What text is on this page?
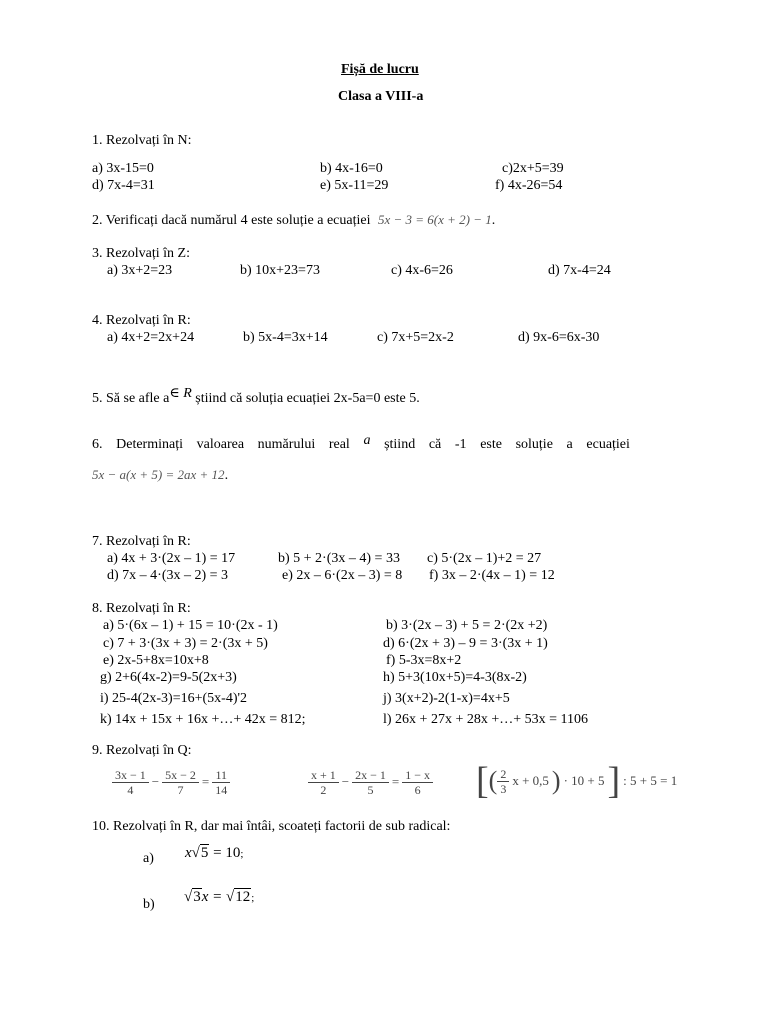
Fișă de lucru
Clasa a VIII-a
1. Rezolvați în N:
a) 3x-15=0	b) 4x-16=0	c)2x+5=39
d) 7x-4=31	e) 5x-11=29	f) 4x-26=54
2. Verificați dacă numărul 4 este soluție a ecuației 5x − 3 = 6(x + 2) − 1.
3. Rezolvați în Z:
a) 3x+2=23	b) 10x+23=73	c) 4x-6=26	d) 7x-4=24
4. Rezolvați în R:
a) 4x+2=2x+24	b) 5x-4=3x+14	c) 7x+5=2x-2	d) 9x-6=6x-30
5. Să se afle a∈ R știind că soluția ecuației 2x-5a=0 este 5.
6. Determinați valoarea numărului real a știind că -1 este soluție a ecuației
5x − a(x + 5) = 2ax + 12.
7. Rezolvați în R:
a) 4x + 3·(2x – 1) = 17	b) 5 + 2·(3x – 4) = 33 c) 5·(2x – 1)+2 = 27
d) 7x – 4·(3x – 2) = 3	e) 2x – 6·(2x – 3) = 8 f) 3x – 2·(4x – 1) = 12
8. Rezolvați în R:
a) 5·(6x – 1) + 15 = 10·(2x - 1)	b) 3·(2x – 3) + 5 = 2·(2x +2)
c) 7 + 3·(3x + 3) = 2·(3x + 5)	d) 6·(2x + 3) – 9 = 3·(3x + 1)
e) 2x-5+8x=10x+8	f) 5-3x=8x+2
g) 2+6(4x-2)=9-5(2x+3)	h) 5+3(10x+5)=4-3(8x-2)
i) 25-4(2x-3)=16+(5x-4)'2	j) 3(x+2)-2(1-x)=4x+5
k) 14x + 15x + 16x +…+ 42x = 812;	l) 26x + 27x + 28x +…+ 53x = 1106
9. Rezolvați în Q:
$\frac{3x - 1}{4} - \frac{5x - 2}{7} = \frac{11}{14}$	$\frac{x + 1}{2} - \frac{2x - 1}{5} = \frac{1 - x}{6}$ [ ( $\frac{2}{3}$ x + 0,5 ) · 10 + 5 ] : 5 + 5 = 1
10. Rezolvați în R, dar mai întâi, scoateți factorii de sub radical:
a) x√5 = 10;
b) √3x = √12;
